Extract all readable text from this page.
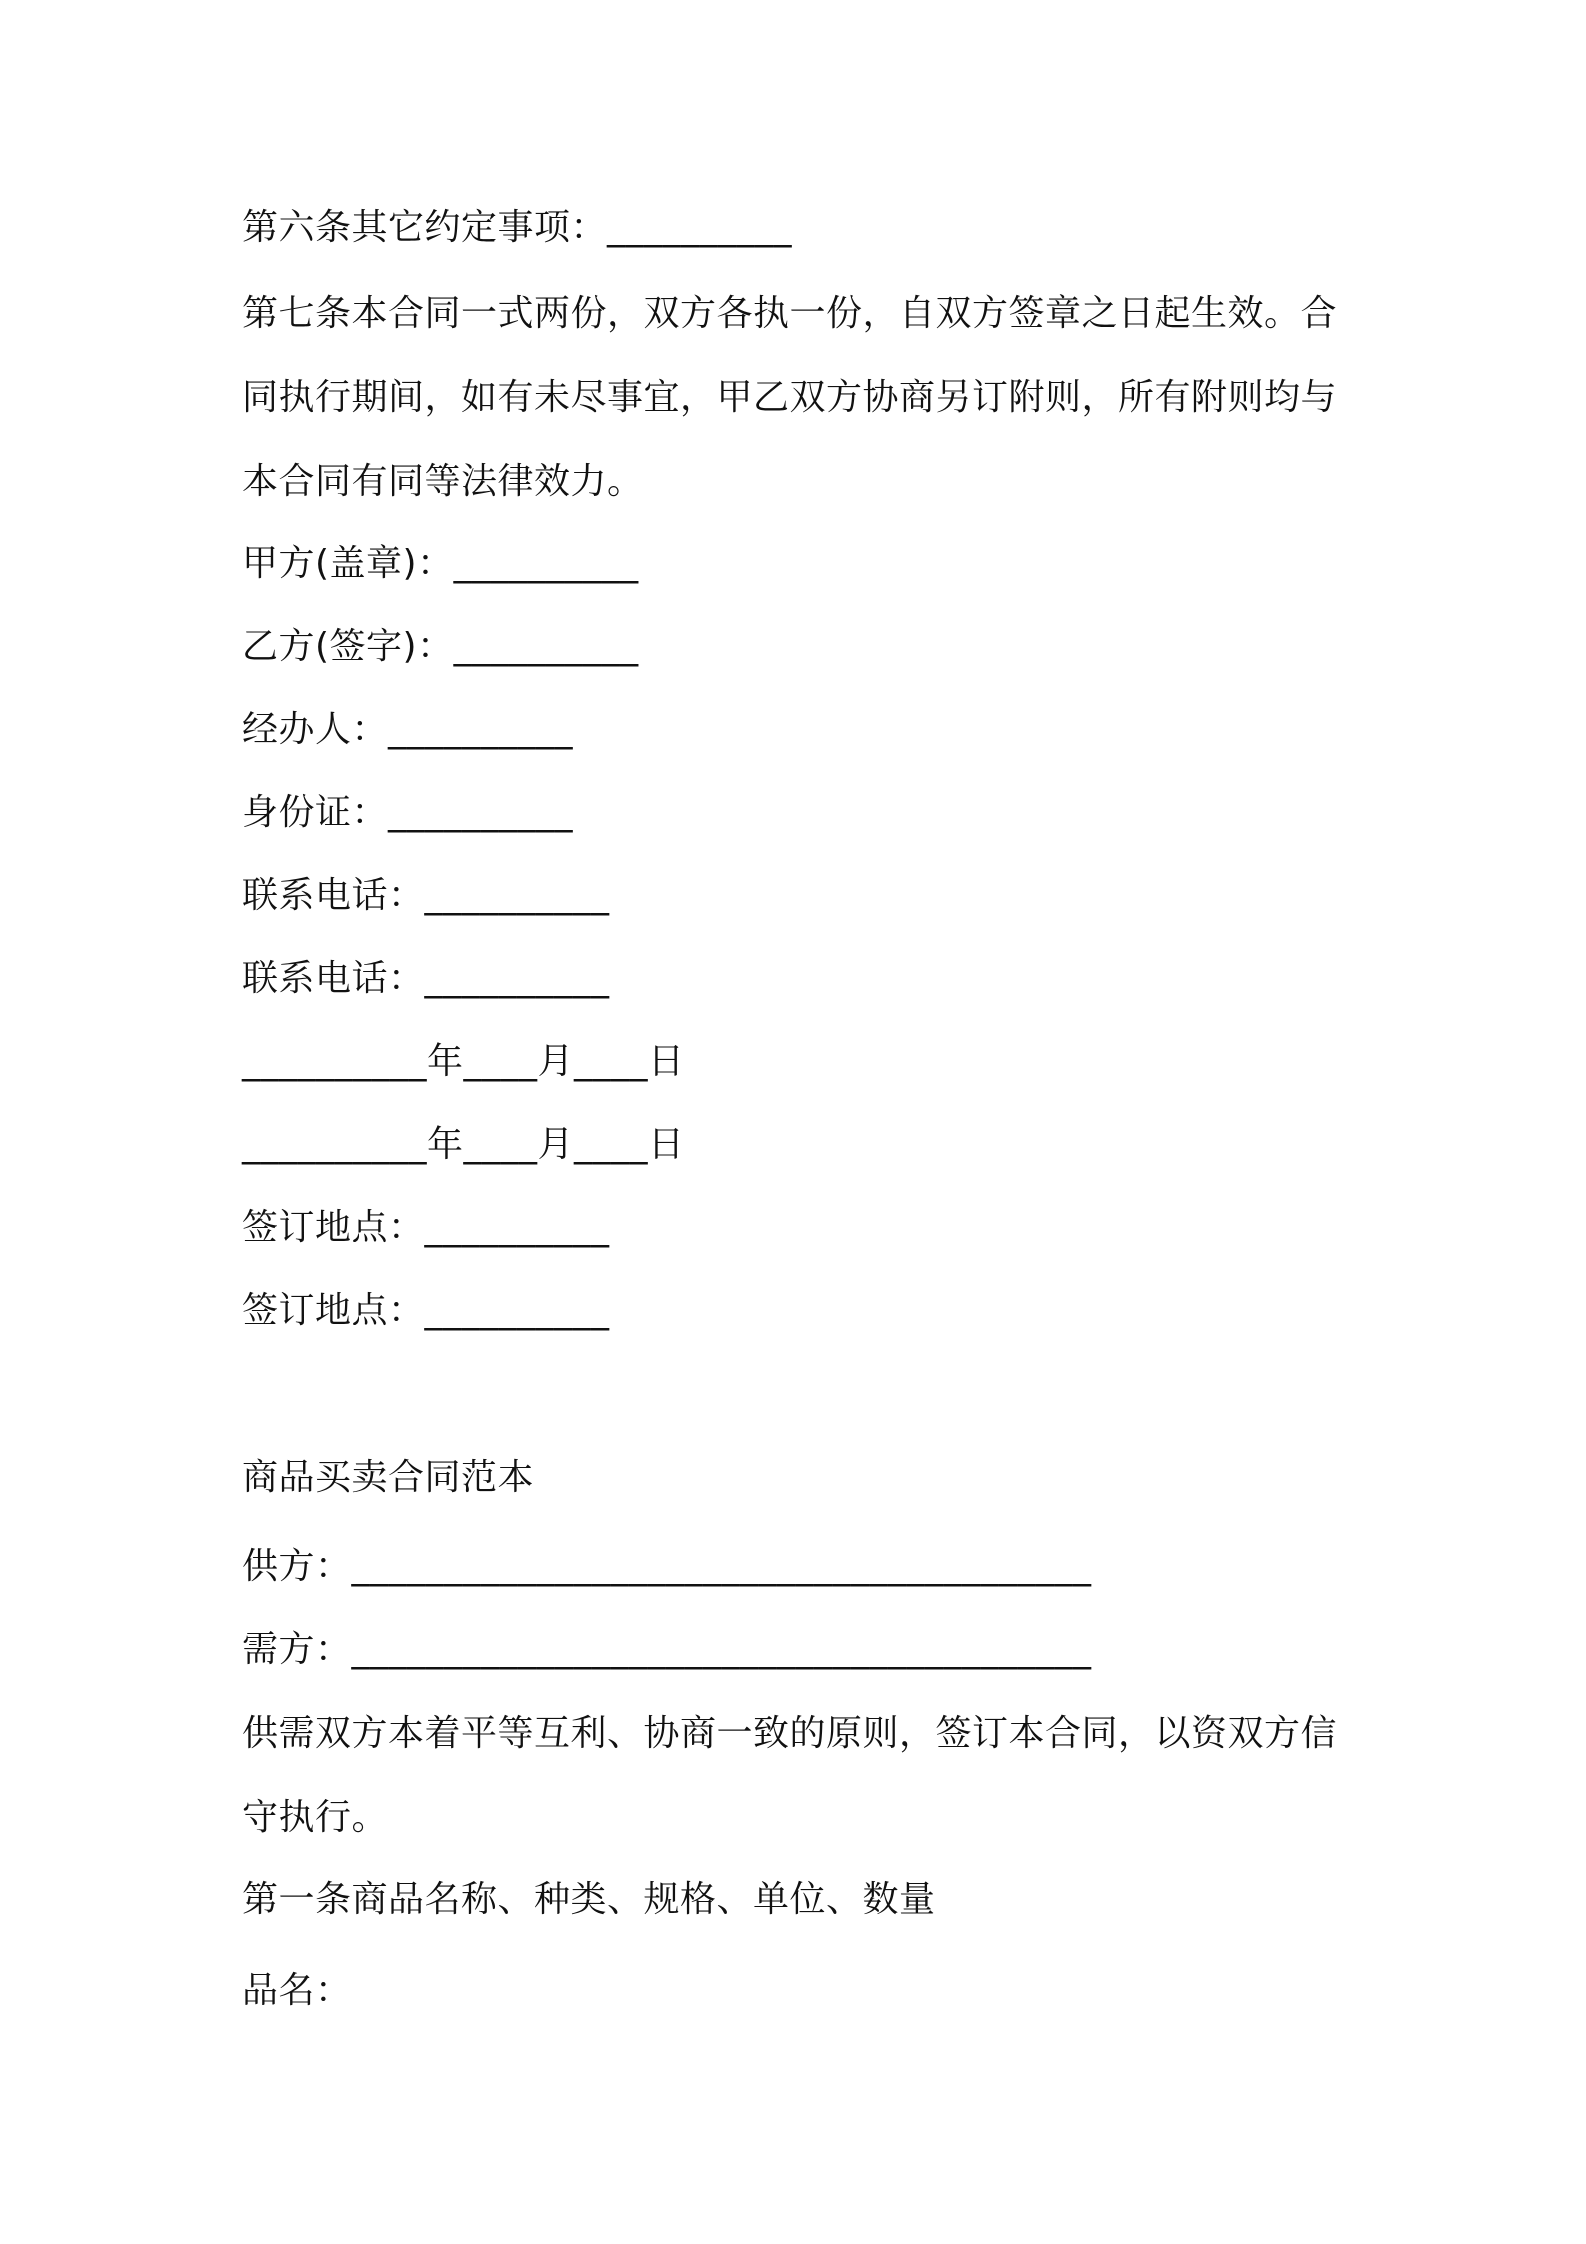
第六条其它约定事项：__________
第七条本合同一式两份，双方各执一份，自双方签章之日起生效。合同执行期间，如有未尽事宜，甲乙双方协商另订附则，所有附则均与本合同有同等法律效力。
甲方(盖章)：__________
乙方(签字)：__________
经办人：__________
身份证：__________
联系电话：__________
联系电话：__________
__________年____月____日
__________年____月____日
签订地点：__________
签订地点：__________
商品买卖合同范本
供方：________________________________________
需方：________________________________________
供需双方本着平等互利、协商一致的原则，签订本合同，以资双方信守执行。
第一条商品名称、种类、规格、单位、数量
品名：
